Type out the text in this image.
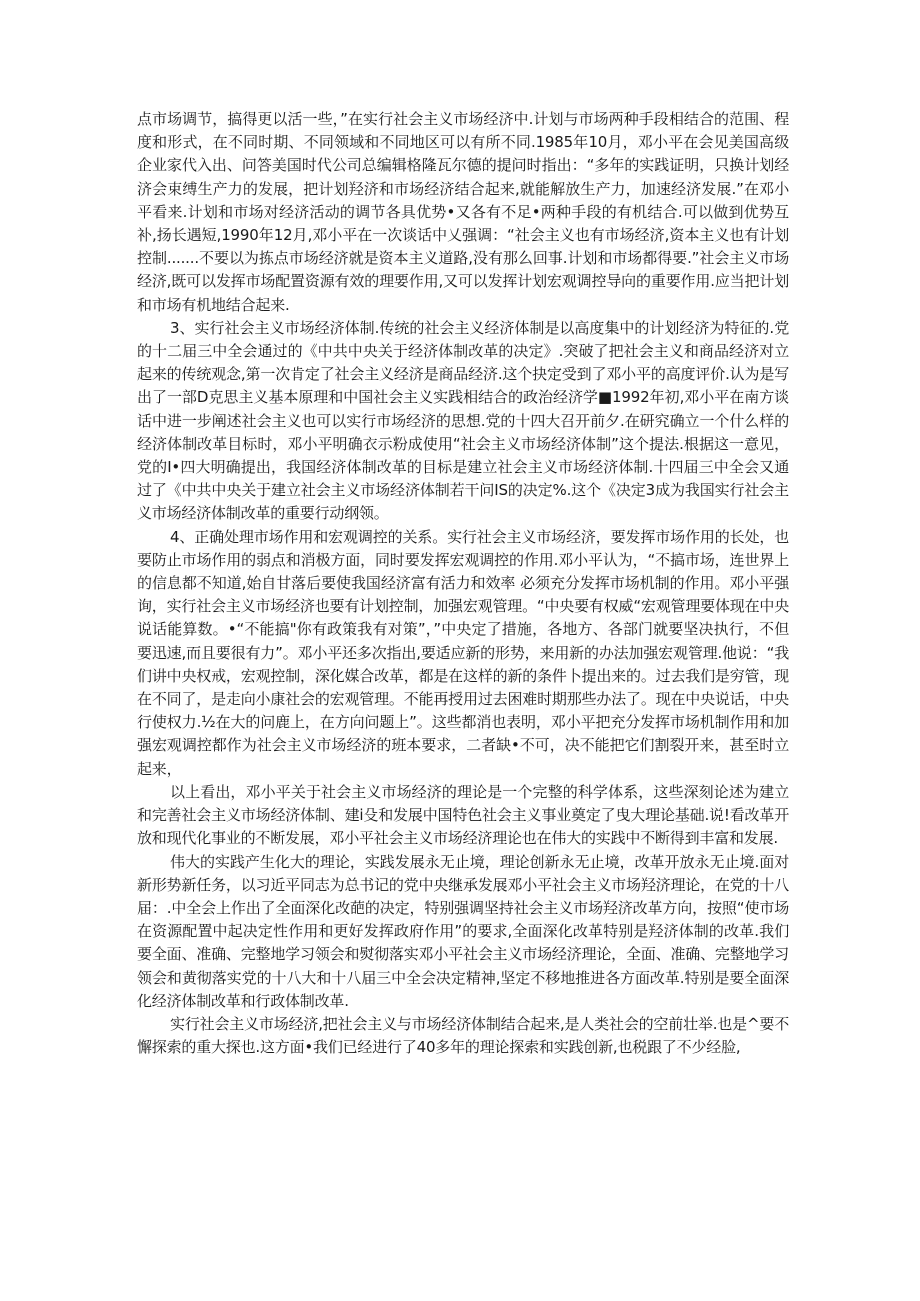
点市场调节，搞得更以活一些，”在实行社会主义市场经济中.计划与市场两种手段相结合的范围、程度和形式，在不同时期、不同领域和不同地区可以有所不同.1985年10月，邓小平在会见美国高级企业家代入出、问答美国时代公司总编辑格隆瓦尔德的提问时指出：“多年的实践证明，只换计划经济会束缚生产力的发展，把计划羟济和市场经济结合起来,就能解放生产力，加速经济发展.”在邓小平看来.计划和市场对经济活动的调节各具优势•又各有不足•两种手段的有机结合.可以做到优势互补,扬长遇短,1990年12月,邓小平在一次谈话中乂强调：“社会主义也有市场经济,资本主义也有计划控制.......不要以为拣点市场经济就是资本主义道路,没有那么回事.计划和市场都得要.”社会主义市场经济,既可以发挥市场配置资源有效的理要作用,又可以发挥计划宏观调控导向的重要作用.应当把计划和市场有机地结合起来.

3、实行社会主义市场经济体制.传统的社会主义经济体制是以高度集中的计划经济为特征的.党的十二届三中全会通过的《中共中央关于经济体制改革的决定》.突破了把社会主义和商品经济对立起来的传统观念,第一次肯定了社会主义经济是商品经济.这个抉定受到了邓小平的高度评价.认为是写出了一部D克思主义基本原理和中国社会主义实践相结合的政治经济学■1992年初,邓小平在南方谈话中进一步阐述社会主义也可以实行市场经济的思想.党的十四大召开前夕.在研究确立一个什么样的经济体制改革目标时，邓小平明确衣示粉成使用“社会主义市场经济体制”这个提法.根据这一意见，党的I•四大明确提出，我国经济体制改革的目标是建立社会主义市场经济体制.十四届三中全会又通过了《中共中央关于建立社会主义市场经济体制若干问IS的决定%.这个《决定3成为我国实行社会主义市场经济体制改革的重要行动纲领。

4、正确处理市场作用和宏观调控的关系。实行社会主义市场经济，要发挥市场作用的长处，也要防止市场作用的弱点和消极方面，同时要发挥宏观调控的作用.邓小平认为，“不搞市场，连世界上的信息都不知道,始自甘落后要使我国经济富有活力和效率 必须充分发挥市场机制的作用。邓小平强询，实行社会主义市场经济也要有计划控制，加强宏观管理。“中央要有权威“宏观管理要体现在中央说话能算数。•“不能搞"你有政策我有对策”，”中央定了措施，各地方、各部门就要坚决执行，不但要迅速,而且要很有力”。邓小平还多次指出,要适应新的形势，来用新的办法加强宏观管理.他说：“我们讲中央权戒，宏观控制，深化媒合改革，都是在这样的新的条件卜提出来的。过去我们是穷管，现在不同了，是走向小康社会的宏观管理。不能再授用过去困难时期那些办法了。现在中央说话，中央行使权力.½在大的问鹿上，在方向问题上”。这些都消也表明，邓小平把充分发挥市场机制作用和加强宏观调控都作为社会主义市场经济的班本要求，二者缺•不可，决不能把它们割裂开来，甚至时立起来，

以上看出，邓小平关于社会主义市场经济的理论是一个完整的科学体系，这些深刻论述为建立和完善社会主义市场经济体制、建i殳和发展中国特色社会主义事业奠定了曳大理论基础.说!看改革开放和现代化事业的不断发展，邓小平社会主义市场经济理论也在伟大的实践中不断得到丰富和发展.

伟大的实践产生化大的理论，实践发展永无止境，理论创新永无止境，改革开放永无止境.面对新形势新任务，以习近平同志为总书记的党中央继承发展邓小平社会主义市场羟济理论，在党的十八届：.中全会上作出了全面深化改葩的决定，特别强调坚持社会主义市场羟济改革方向，按照“使市场在资源配置中起决定性作用和更好发挥政府作用”的要求,全面深化改革特别是羟济体制的改革.我们要全面、准确、完整地学习领会和熨彻落实邓小平社会主义市场经济理论，全面、准确、完整地学习领会和黄彻落实党的十八大和十八届三中全会决定精神,坚定不移地推进各方面改革.特别是要全面深化经济体制改革和行政体制改革.

实行社会主义市场经济,把社会主义与市场经济体制结合起来,是人类社会的空前壮举.也是^要不懈探索的重大探也.这方面•我们已经进行了40多年的理论探索和实践创新,也税跟了不少经脸,
